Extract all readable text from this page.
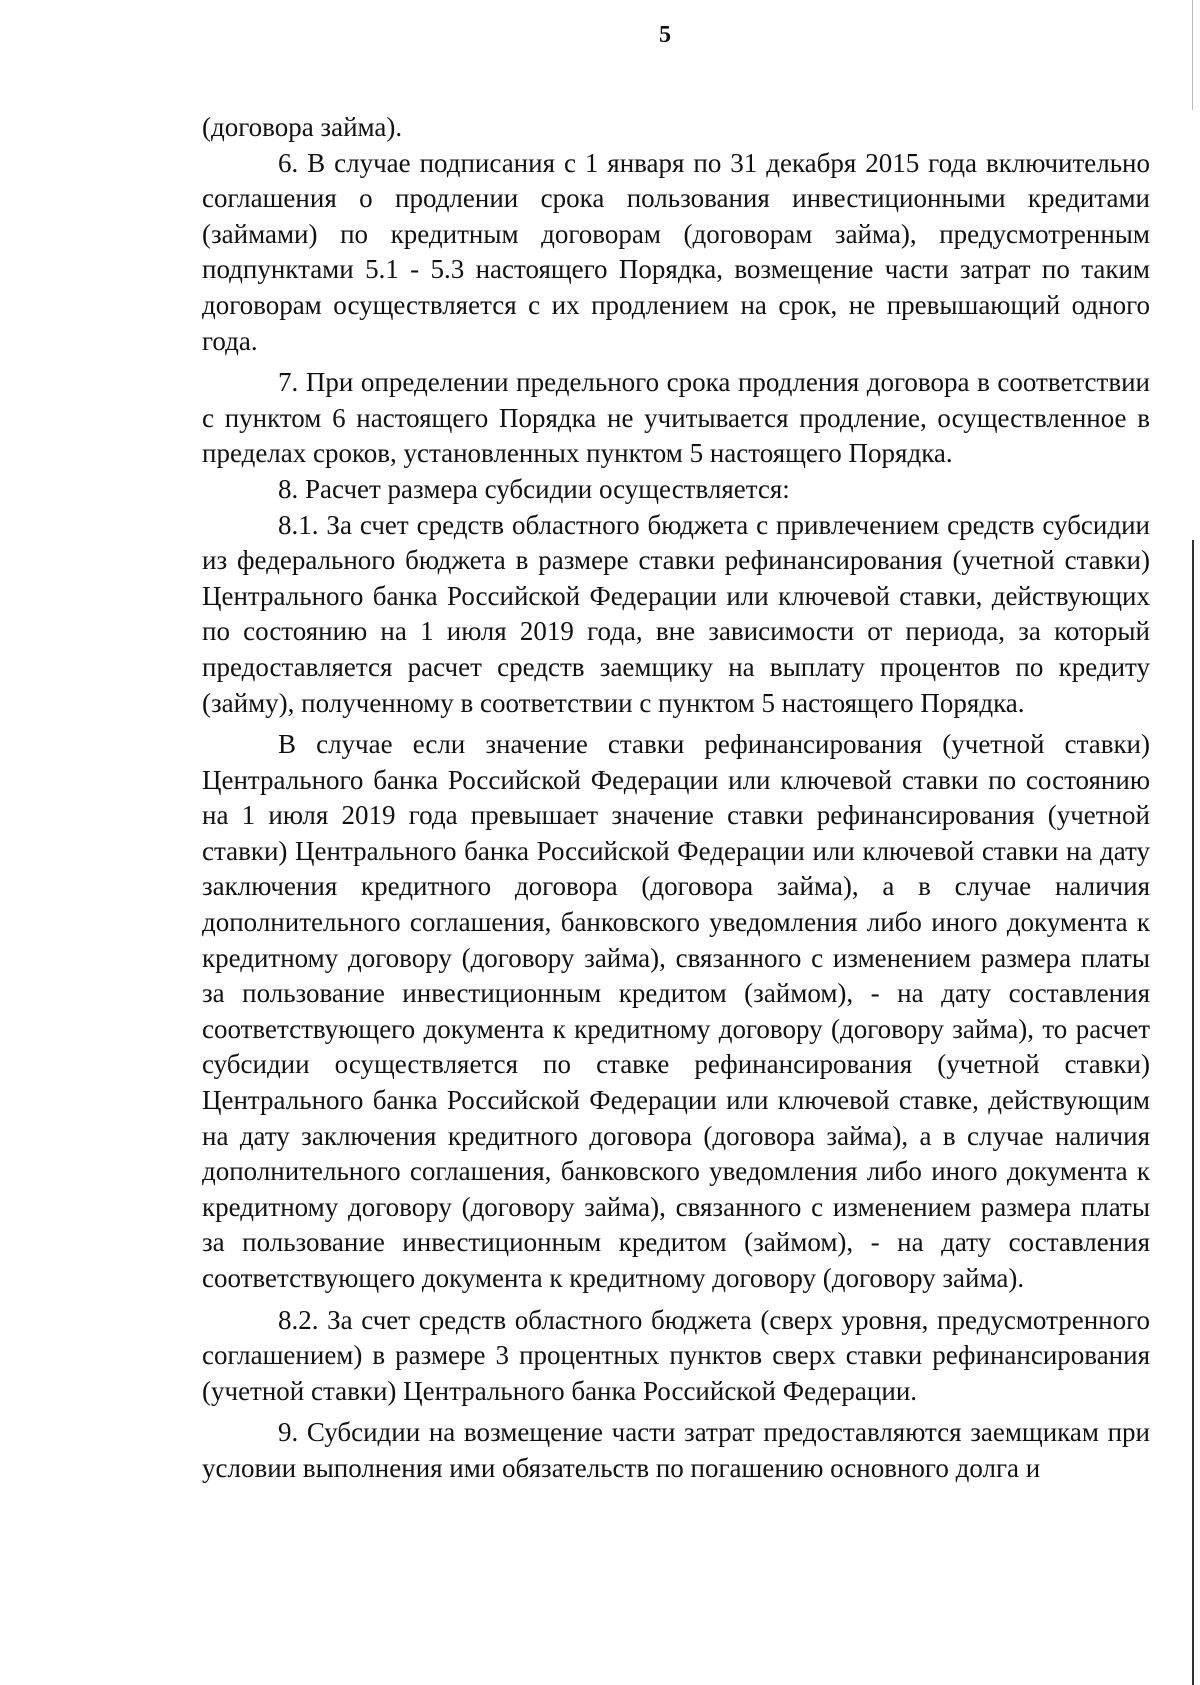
5

(договора займа).

6. В случае подписания с 1 января по 31 декабря 2015 года включительно соглашения о продлении срока пользования инвестиционными кредитами (займами) по кредитным договорам (договорам займа), предусмотренным подпунктами 5.1 - 5.3 настоящего Порядка, возмещение части затрат по таким договорам осуществляется с их продлением на срок, не превышающий одного года.

7. При определении предельного срока продления договора в соответствии с пунктом 6 настоящего Порядка не учитывается продление, осуществленное в пределах сроков, установленных пунктом 5 настоящего Порядка.

8. Расчет размера субсидии осуществляется:

8.1. За счет средств областного бюджета с привлечением средств субсидии из федерального бюджета в размере ставки рефинансирования (учетной ставки) Центрального банка Российской Федерации или ключевой ставки, действующих по состоянию на 1 июля 2019 года, вне зависимости от периода, за который предоставляется расчет средств заемщику на выплату процентов по кредиту (займу), полученному в соответствии с пунктом 5 настоящего Порядка.

В случае если значение ставки рефинансирования (учетной ставки) Центрального банка Российской Федерации или ключевой ставки по состоянию на 1 июля 2019 года превышает значение ставки рефинансирования (учетной ставки) Центрального банка Российской Федерации или ключевой ставки на дату заключения кредитного договора (договора займа), а в случае наличия дополнительного соглашения, банковского уведомления либо иного документа к кредитному договору (договору займа), связанного с изменением размера платы за пользование инвестиционным кредитом (займом), - на дату составления соответствующего документа к кредитному договору (договору займа), то расчет субсидии осуществляется по ставке рефинансирования (учетной ставки) Центрального банка Российской Федерации или ключевой ставке, действующим на дату заключения кредитного договора (договора займа), а в случае наличия дополнительного соглашения, банковского уведомления либо иного документа к кредитному договору (договору займа), связанного с изменением размера платы за пользование инвестиционным кредитом (займом), - на дату составления соответствующего документа к кредитному договору (договору займа).

8.2. За счет средств областного бюджета (сверх уровня, предусмотренного соглашением) в размере 3 процентных пунктов сверх ставки рефинансирования (учетной ставки) Центрального банка Российской Федерации.

9. Субсидии на возмещение части затрат предоставляются заемщикам при условии выполнения ими обязательств по погашению основного долга и
